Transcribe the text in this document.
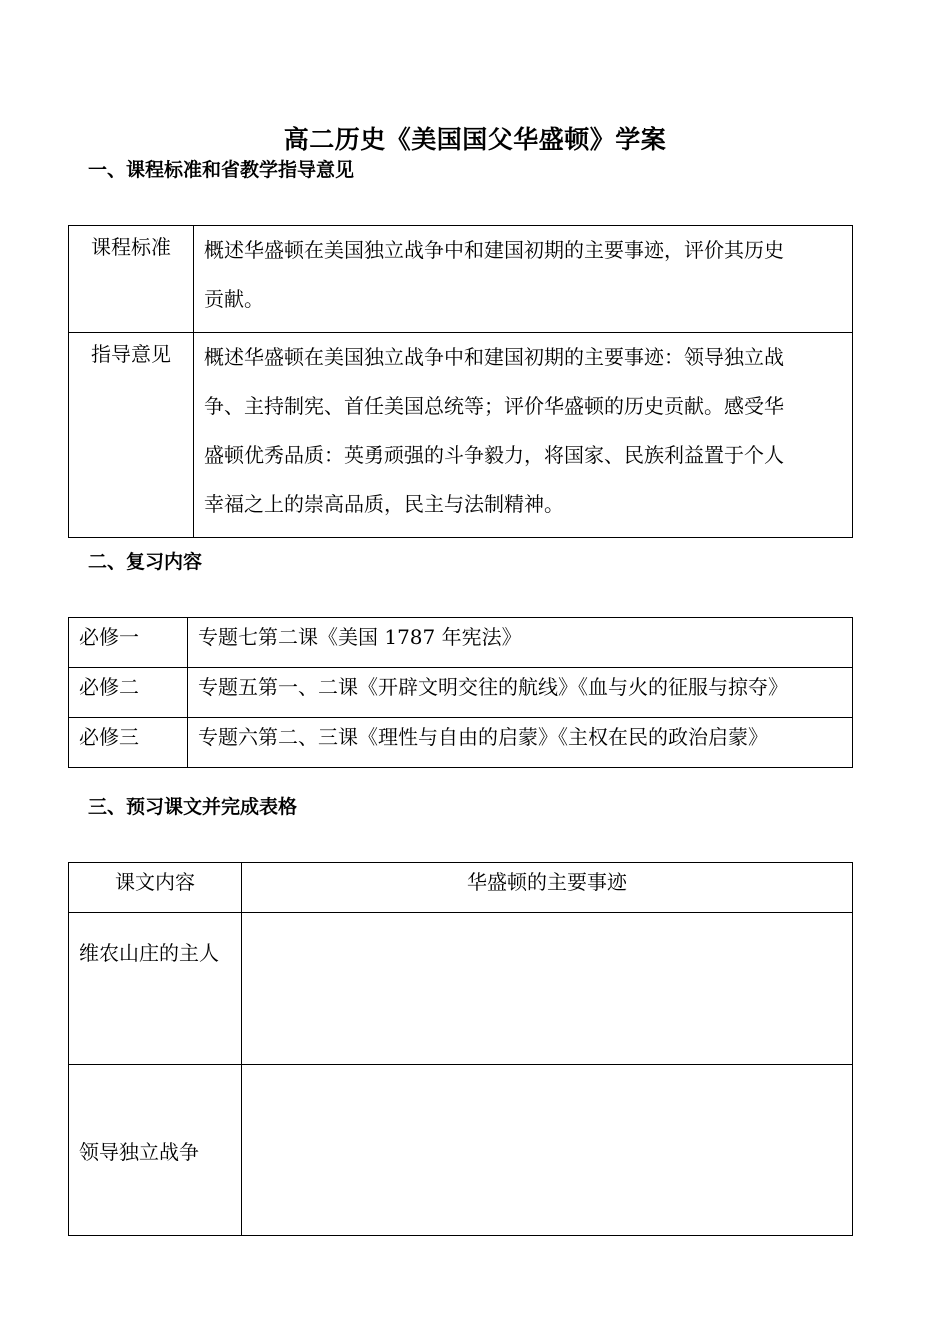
高二历史《美国国父华盛顿》学案
一、课程标准和省教学指导意见
课程标准	概述华盛顿在美国独立战争中和建国初期的主要事迹，评价其历史
贡献。

指导意见	概述华盛顿在美国独立战争中和建国初期的主要事迹：领导独立战
争、主持制宪、首任美国总统等；评价华盛顿的历史贡献。感受华
盛顿优秀品质：英勇顽强的斗争毅力，将国家、民族利益置于个人
幸福之上的崇高品质，民主与法制精神。
二、复习内容
必修一	专题七第二课《美国 1787 年宪法》
必修二	专题五第一、二课《开辟文明交往的航线》《血与火的征服与掠夺》
必修三	专题六第二、三课《理性与自由的启蒙》《主权在民的政治启蒙》
三、预习课文并完成表格
课文内容	华盛顿的主要事迹
维农山庄的主人	
领导独立战争	
